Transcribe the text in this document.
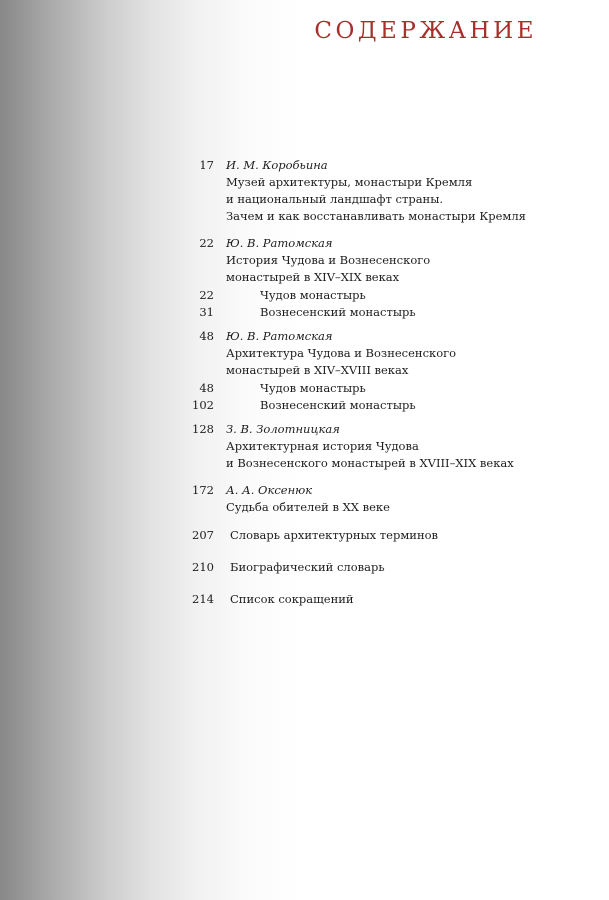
СОДЕРЖАНИЕ
17 И. М. Коробьина
Музей архитектуры, монастыри Кремля
и национальный ландшафт страны.
Зачем и как восстанавливать монастыри Кремля
22 Ю. В. Ратомская
История Чудова и Вознесенского
монастырей в XIV–XIX веках
22	Чудов монастырь
31	Вознесенский монастырь
48 Ю. В. Ратомская
Архитектура Чудова и Вознесенского
монастырей в XIV–XVIII веках
48	Чудов монастырь
102	Вознесенский монастырь
128 З. В. Золотницкая
Архитектурная история Чудова
и Вознесенского монастырей в XVIII–XIX веках
172 А. А. Оксенюк
Судьба обителей в XX веке
207 Словарь архитектурных терминов
210 Биографический словарь
214 Список сокращений
